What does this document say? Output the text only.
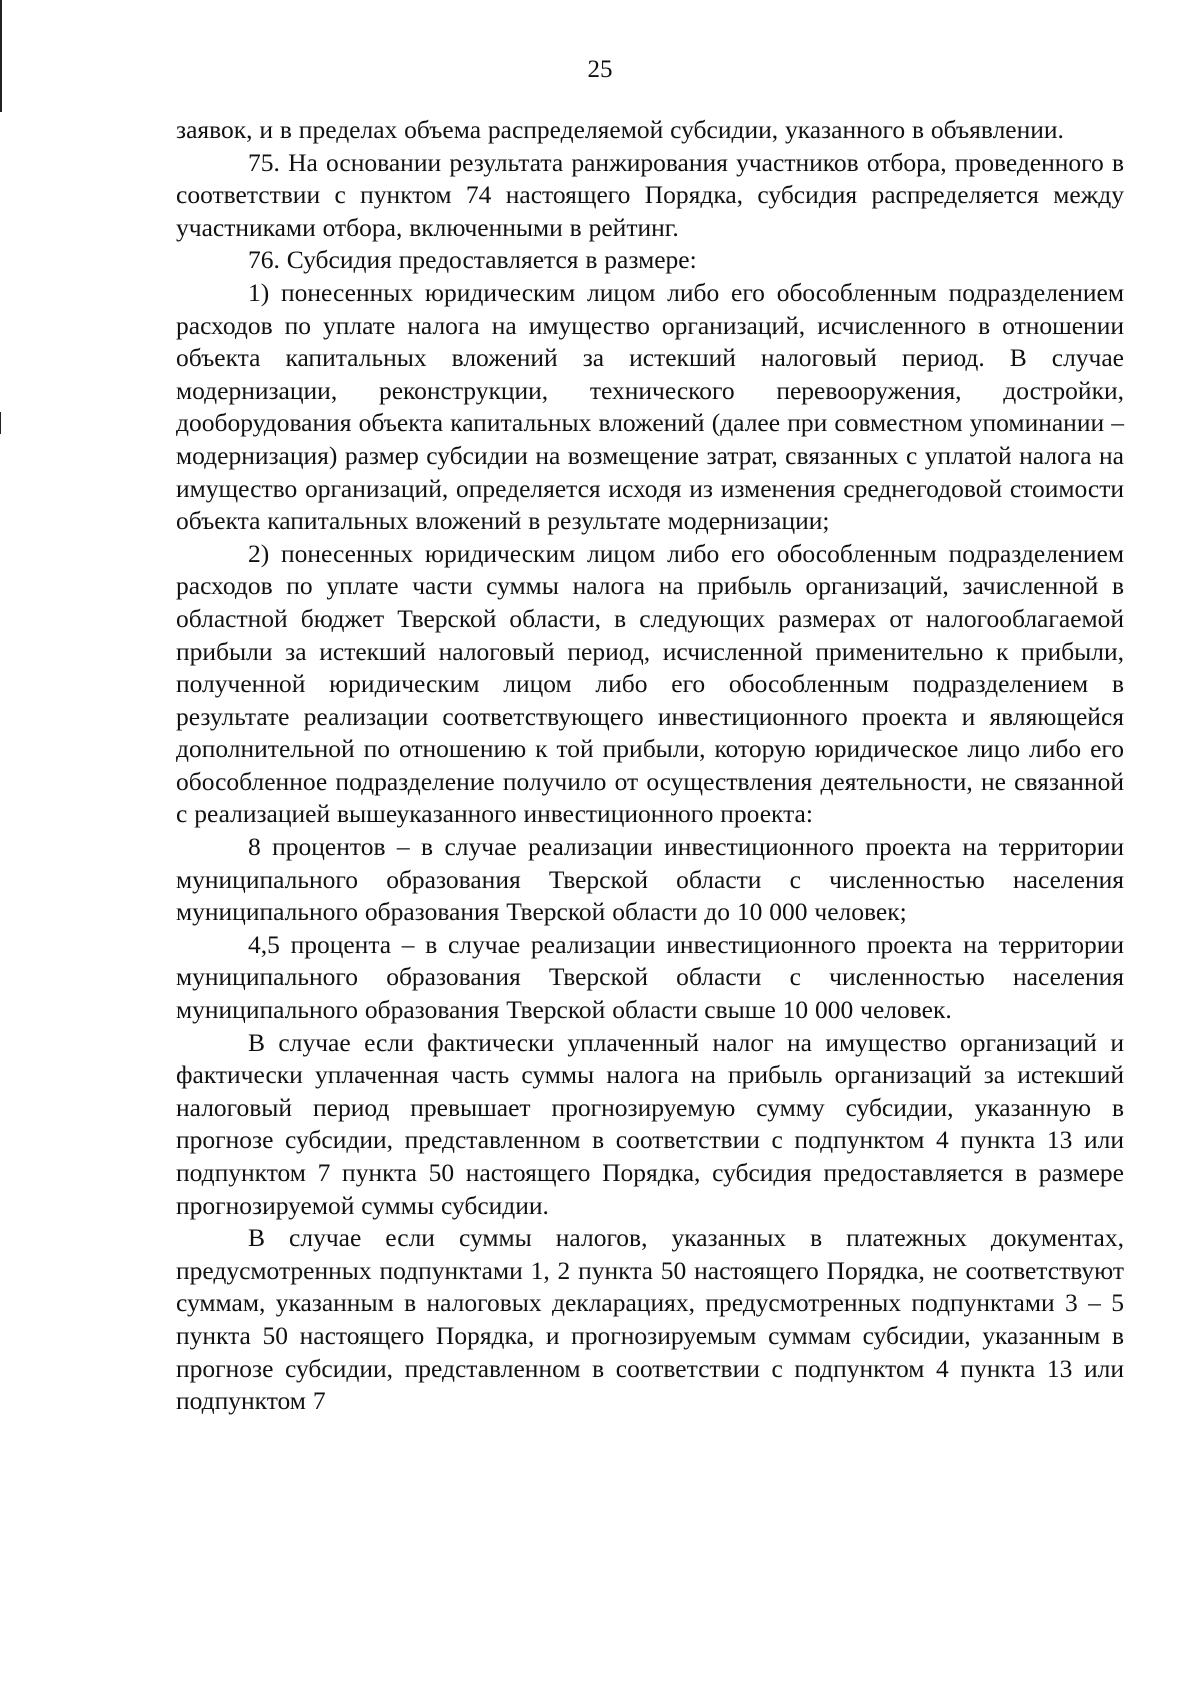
25

заявок, и в пределах объема распределяемой субсидии, указанного в объявлении.

75. На основании результата ранжирования участников отбора, проведенного в соответствии с пунктом 74 настоящего Порядка, субсидия распределяется между участниками отбора, включенными в рейтинг.

76. Субсидия предоставляется в размере:

1) понесенных юридическим лицом либо его обособленным подразделением расходов по уплате налога на имущество организаций, исчисленного в отношении объекта капитальных вложений за истекший налоговый период. В случае модернизации, реконструкции, технического перевооружения, достройки, дооборудования объекта капитальных вложений (далее при совместном упоминании – модернизация) размер субсидии на возмещение затрат, связанных с уплатой налога на имущество организаций, определяется исходя из изменения среднегодовой стоимости объекта капитальных вложений в результате модернизации;

2) понесенных юридическим лицом либо его обособленным подразделением расходов по уплате части суммы налога на прибыль организаций, зачисленной в областной бюджет Тверской области, в следующих размерах от налогооблагаемой прибыли за истекший налоговый период, исчисленной применительно к прибыли, полученной юридическим лицом либо его обособленным подразделением в результате реализации соответствующего инвестиционного проекта и являющейся дополнительной по отношению к той прибыли, которую юридическое лицо либо его обособленное подразделение получило от осуществления деятельности, не связанной с реализацией вышеуказанного инвестиционного проекта:

8 процентов – в случае реализации инвестиционного проекта на территории муниципального образования Тверской области с численностью населения муниципального образования Тверской области до 10 000 человек;

4,5 процента – в случае реализации инвестиционного проекта на территории муниципального образования Тверской области с численностью населения муниципального образования Тверской области свыше 10 000 человек.

В случае если фактически уплаченный налог на имущество организаций и фактически уплаченная часть суммы налога на прибыль организаций за истекший налоговый период превышает прогнозируемую сумму субсидии, указанную в прогнозе субсидии, представленном в соответствии с подпунктом 4 пункта 13 или подпунктом 7 пункта 50 настоящего Порядка, субсидия предоставляется в размере прогнозируемой суммы субсидии.

В случае если суммы налогов, указанных в платежных документах, предусмотренных подпунктами 1, 2 пункта 50 настоящего Порядка, не соответствуют суммам, указанным в налоговых декларациях, предусмотренных подпунктами 3 – 5 пункта 50 настоящего Порядка, и прогнозируемым суммам субсидии, указанным в прогнозе субсидии, представленном в соответствии с подпунктом 4 пункта 13 или подпунктом 7
